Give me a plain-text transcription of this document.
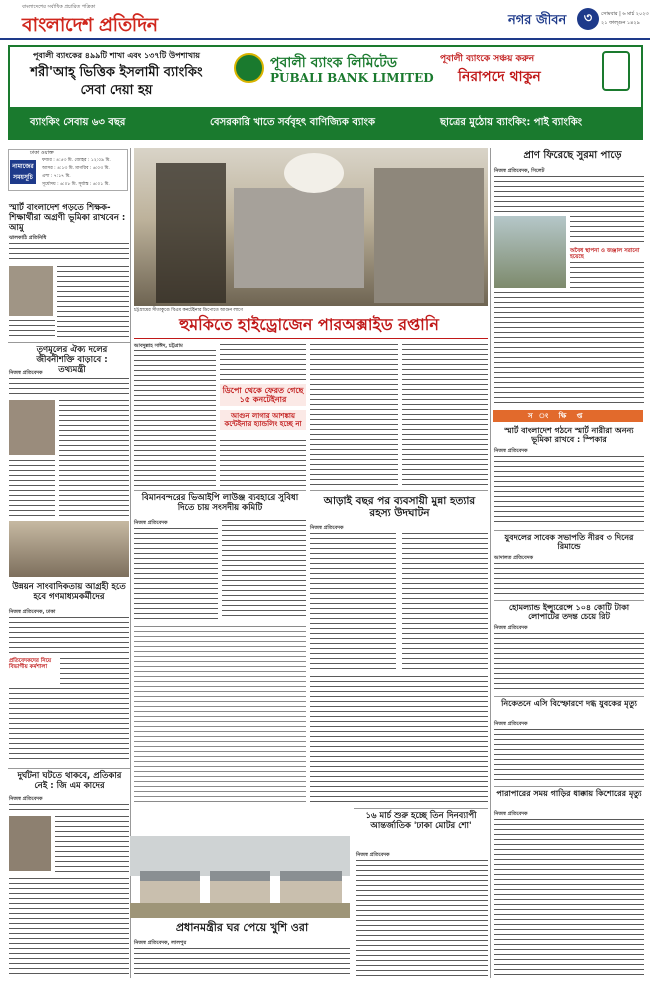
বাংলাদেশের সর্বাধিক প্রচারিত পত্রিকা
বাংলাদেশ প্রতিদিন	নগর জীবন	৩	সোমবার | ৬ মার্চ ২০২৩
২১ ফাল্গুন ১৪২৯
পূবালী ব্যাংকের ৪৯৯টি শাখা এবং ১৩৭টি উপশাখায়
শরী'আহ্ ভিত্তিক ইসলামী ব্যাংকিং
সেবা দেয়া হয়
পূবালী ব্যাংক লিমিটেড
PUBALI BANK LIMITED
পূবালী ব্যাংকে সঞ্চয় করুন
নিরাপদে থাকুন
ব্যাংকিং সেবায় ৬৩ বছর	বেসরকারি খাতে সর্ববৃহৎ বাণিজ্যিক ব্যাংক	ছাত্রের মুঠোয় ব্যাংকিং: পাই ব্যাংকিং
ঢাকা ওয়াক্ত
নামাজের সময়সূচি
ফজর : ৪:৫৩ মি. জোহর : ১২:০৯ মি.
আসর : ৪:১৩ মি. মাগরিব : ৬:০৩ মি.
এশা : ৭:১৭ মি.
সূর্যোদয় : ৬:০৮ মি. সূর্যাস্ত : ৬:০১ মি.
স্মার্ট বাংলাদেশ গড়তে শিক্ষক-শিক্ষার্থীরা অগ্রণী ভূমিকা রাখবেন : আমু
ঝালকাঠি প্রতিনিধি
তৃণমূলের ঐক্য দলের জীবনীশক্তি বাড়াবে : তথ্যমন্ত্রী
নিজস্ব প্রতিবেদক
উন্নয়ন সাংবাদিকতায় আগ্রহী হতে হবে গণমাধ্যমকর্মীদের
নিজস্ব প্রতিবেদক, ঢাকা
প্রতিবেদকদের নিয়ে বিভাগীয় কর্মশালা
দুর্ঘটনা ঘটতে থাকবে, প্রতিকার নেই : জি এম কাদের
নিজস্ব প্রতিবেদক
চট্টগ্রামের সীতাকুণ্ডে বিএম কনটেইনার ডিপোতে আগুন লাগে
হুমকিতে হাইড্রোজেন পারঅক্সাইড রপ্তানি
আবদুল্লাহ সাঈদ, চট্টগ্রাম
ডিপো থেকে ফেরত গেছে ১৫ কনটেইনার
আগুন লাগার আশঙ্কায় কন্টেইনার হ্যান্ডলিং হচ্ছে না
বিমানবন্দরের ভিআইপি লাউঞ্জ ব্যবহারে সুবিধা দিতে চায় সংসদীয় কমিটি
নিজস্ব প্রতিবেদক
আড়াই বছর পর ব্যবসায়ী মুন্না হত্যার রহস্য উদঘাটন
নিজস্ব প্রতিবেদক
প্রধানমন্ত্রীর ঘর পেয়ে খুশি ওরা
নিজস্ব প্রতিবেদক, লালপুর
১৬ মার্চ শুরু হচ্ছে তিন দিনব্যাপী আন্তর্জাতিক 'ঢাকা মোটর শো'
নিজস্ব প্রতিবেদক
প্রাণ ফিরেছে সুরমা পাড়ে
নিজস্ব প্রতিবেদক, সিলেট
অবৈধ স্থাপনা ও জঞ্জাল সরানো হয়েছে
স ং ক্ষি প্ত
স্মার্ট বাংলাদেশ গঠনে স্মার্ট নারীরা অনন্য ভূমিকা রাখবে : স্পিকার
নিজস্ব প্রতিবেদক
যুবদলের সাবেক সভাপতি নীরব ৩ দিনের রিমান্ডে
আদালত প্রতিবেদক
হোমল্যান্ড ইন্স্যুরেন্সে ১০৪ কোটি টাকা লোপাটের তদন্ত চেয়ে রিট
নিজস্ব প্রতিবেদক
নিকেতনে এসি বিস্ফোরণে দগ্ধ যুবকের মৃত্যু
নিজস্ব প্রতিবেদক
পারাপারের সময় গাড়ির ধাক্কায় কিশোরের মৃত্যু
নিজস্ব প্রতিবেদক
